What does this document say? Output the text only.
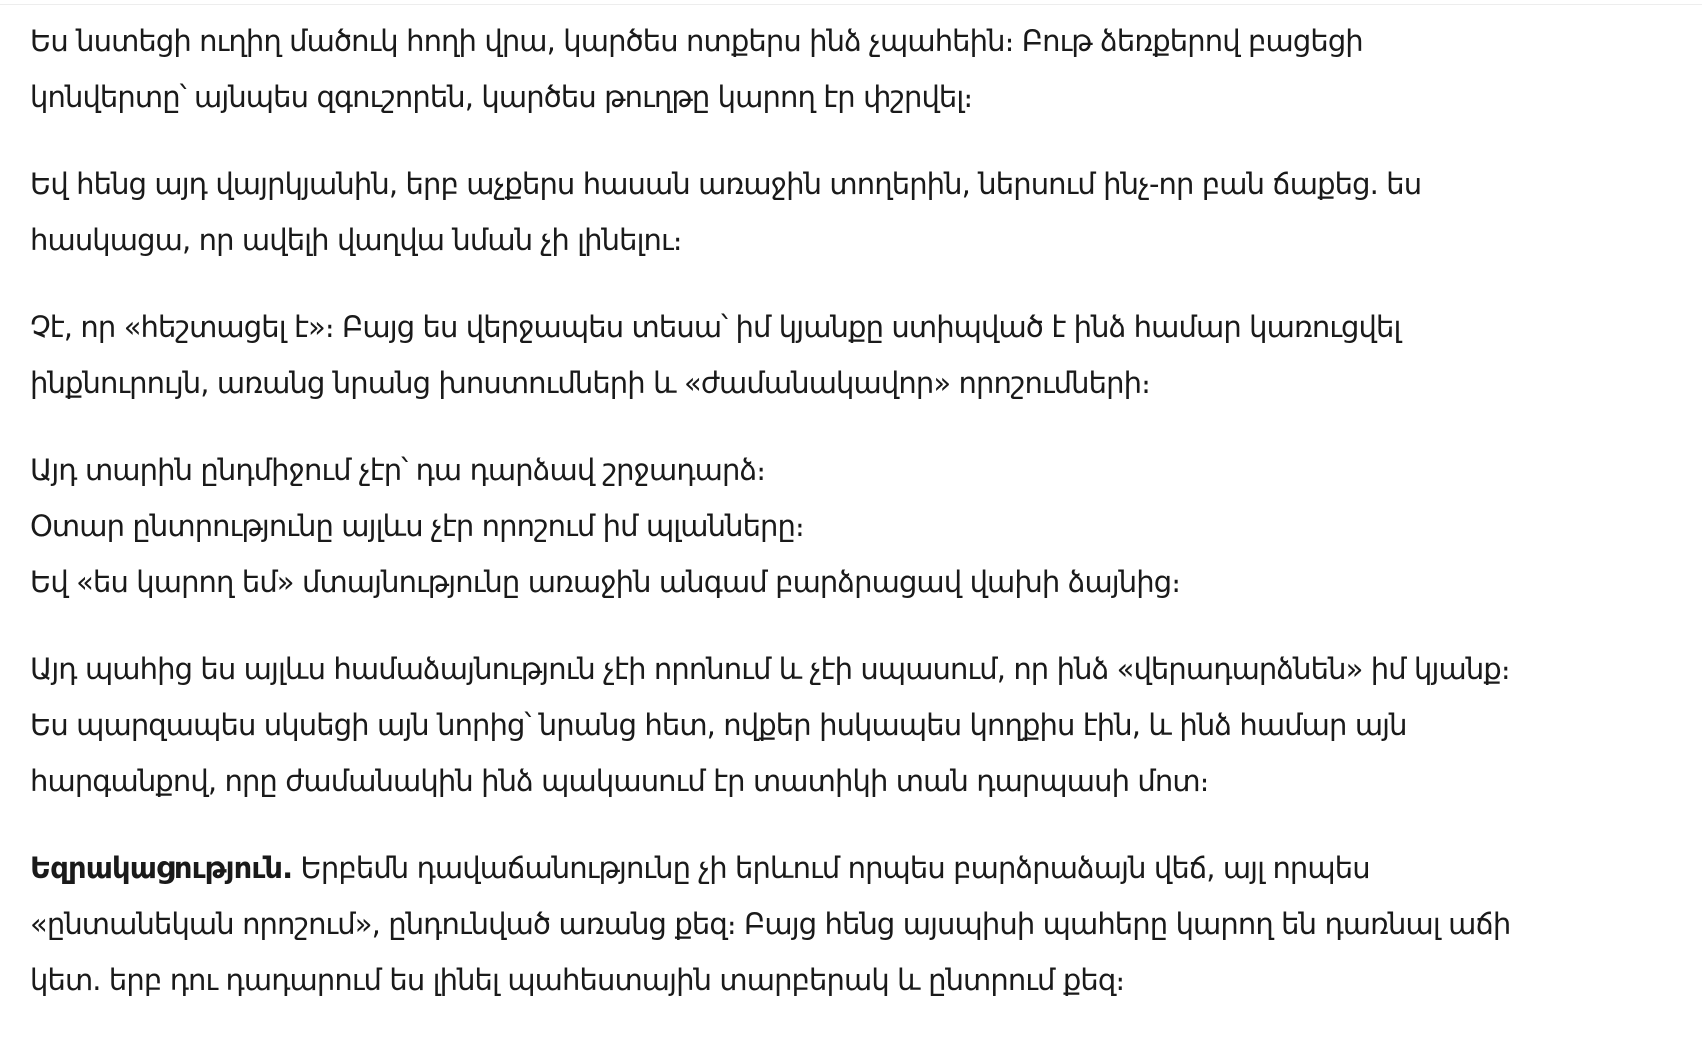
Ես նստեցի ուղիղ մածուկ հողի վրա, կարծես ոտքերս ինձ չպահեին։ Բութ ձեռքերով բացեցի
կոնվերտը՝ այնպես զգուշորեն, կարծես թուղթը կարող էր փշրվել։
Եվ հենց այդ վայրկյանին, երբ աչքերս հասան առաջին տողերին, ներսում ինչ-որ բան ճաքեց. ես
հասկացա, որ ավելի վաղվա նման չի լինելու։
Չէ, որ «հեշտացել է»։ Բայց ես վերջապես տեսա՝ իմ կյանքը ստիպված է ինձ համար կառուցվել
ինքնուրույն, առանց նրանց խոստումների և «ժամանակավոր» որոշումների։
Այդ տարին ընդմիջում չէր՝ դա դարձավ շրջադարձ։
Օտար ընտրությունը այլևս չէր որոշում իմ պլանները։
Եվ «ես կարող եմ» մտայնությունը առաջին անգամ բարձրացավ վախի ձայնից։
Այդ պահից ես այլևս համաձայնություն չէի որոնում և չէի սպասում, որ ինձ «վերադարձնեն» իմ կյանք։
Ես պարզապես սկսեցի այն նորից՝ նրանց հետ, ովքեր իսկապես կողքիս էին, և ինձ համար այն
հարգանքով, որը ժամանակին ինձ պակասում էր տատիկի տան դարպասի մոտ։
Եզրակացություն. Երբեմն դավաճանությունը չի երևում որպես բարձրաձայն վեճ, այլ որպես
«ընտանեկան որոշում», ընդունված առանց քեզ։ Բայց հենց այսպիսի պահերը կարող են դառնալ աճի
կետ. երբ դու դադարում ես լինել պահեստային տարբերակ և ընտրում քեզ։
